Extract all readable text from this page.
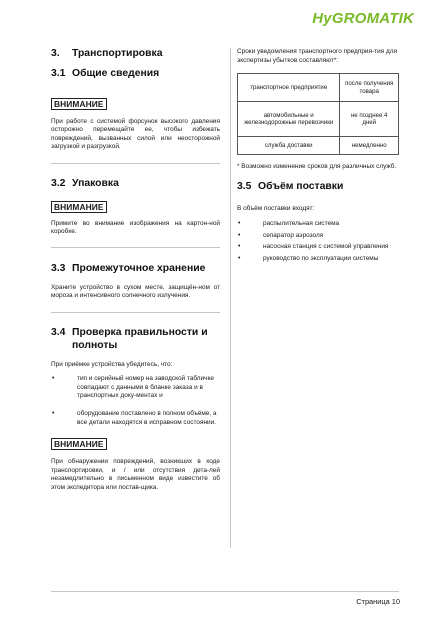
HyGROMATIK
3.	Транспортировка
3.1 Общие сведения
ВНИМАНИЕ

При работе с системой форсунок высокого давления осторожно перемещайте ее, чтобы избежать повреждений, вызванных силой или неосторожной загрузкой и разгрузкой.

3.2 Упаковка
ВНИМАНИЕ

Примите во внимание изображения на картон-ной коробке.

3.3 Промежуточное хранение

Храните устройство в сухом месте, защищён-ном от мороза и интенсивного солнечного излучения.

3.4 Проверка правильности и полноты

При приёмке устройства убедитесь, что:

•	тип и серийный номер на заводской табличке совпадают с данными в бланке заказа и в транспортных доку-ментах и
•	оборудование поставлено в полном объёме, а все детали находятся в исправном состоянии.
ВНИМАНИЕ

При обнаружении повреждений, возникших в ходе транспортировки, и / или отсутствия дета-лей незамедлительно в письменном виде известите об этом экспедитора или постав-щика.

Сроки уведомления транспортного предприя-тия для экспертизы убытков составляют*:

транспортное предприятие	после получения товара
автомобильные и железнодорожные перевозчики	не позднее 4 дней
служба доставки	немедленно

* Возможно изменение сроков для различных служб.

3.5 Объём поставки

В объём поставки входят:

•	распылительная система
•	сепаратор аэрозоля
•	насосная станция с системой управления
•	руководство по эксплуатации системы
Страница 10
